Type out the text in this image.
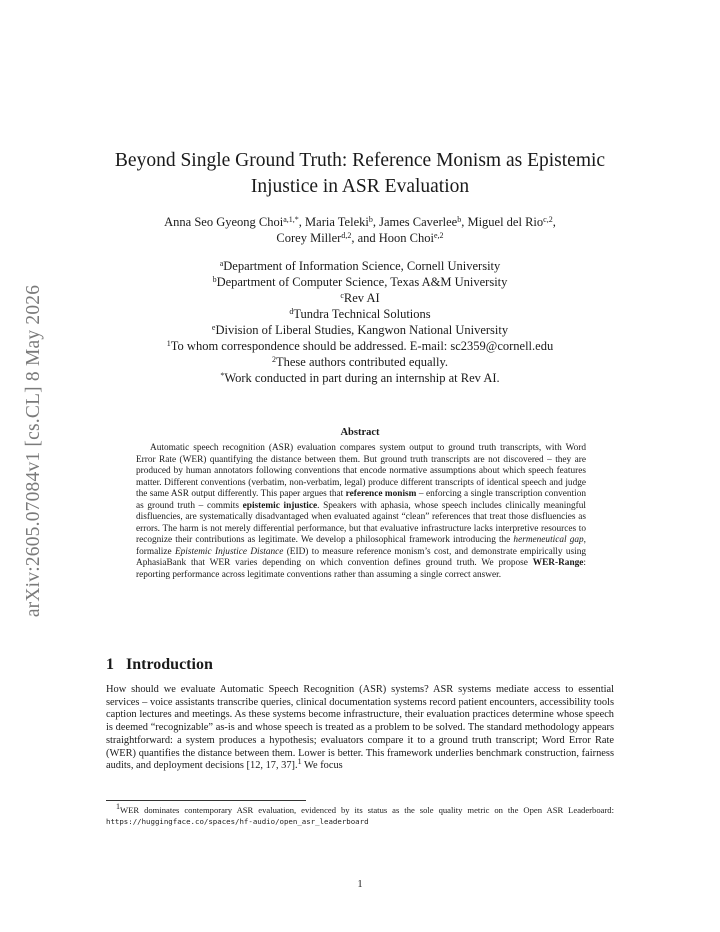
arXiv:2605.07084v1 [cs.CL] 8 May 2026
Beyond Single Ground Truth: Reference Monism as Epistemic
Injustice in ASR Evaluation
Anna Seo Gyeong Choi$^{a,1,*}$, Maria Teleki$^b$, James Caverlee$^b$, Miguel del Rio$^{c,2}$,
Corey Miller$^{d,2}$, and Hoon Choi$^{e,2}$
$^a$Department of Information Science, Cornell University
$^b$Department of Computer Science, Texas A&M University
$^c$Rev AI
$^d$Tundra Technical Solutions
$^e$Division of Liberal Studies, Kangwon National University
$^1$To whom correspondence should be addressed. E-mail: sc2359@cornell.edu
$^2$These authors contributed equally.
*Work conducted in part during an internship at Rev AI.
Abstract

Automatic speech recognition (ASR) evaluation compares system output to ground truth transcripts, with Word Error Rate (WER) quantifying the distance between them. But ground truth transcripts are not discovered – they are produced by human annotators following conventions that encode normative assumptions about which speech features matter. Different conventions (verbatim, non-verbatim, legal) produce different transcripts of identical speech and judge the same ASR output differently. This paper argues that reference monism – enforcing a single transcription convention as ground truth – commits epistemic injustice. Speakers with aphasia, whose speech includes clinically meaningful disfluencies, are systematically disadvantaged when evaluated against “clean” references that treat those disfluencies as errors. The harm is not merely differential performance, but that evaluative infrastructure lacks interpretive resources to recognize their contributions as legitimate. We develop a philosophical framework introducing the hermeneutical gap, formalize Epistemic Injustice Distance (EID) to measure reference monism’s cost, and demonstrate empirically using AphasiaBank that WER varies depending on which convention defines ground truth. We propose WER-Range: reporting performance across legitimate conventions rather than assuming a single correct answer.

1 Introduction

How should we evaluate Automatic Speech Recognition (ASR) systems? ASR systems mediate access to essential services – voice assistants transcribe queries, clinical documentation systems record patient encounters, accessibility tools caption lectures and meetings. As these systems become infrastructure, their evaluation practices determine whose speech is deemed “recognizable” as-is and whose speech is treated as a problem to be solved. The standard methodology appears straightforward: a system produces a hypothesis; evaluators compare it to a ground truth transcript; Word Error Rate (WER) quantifies the distance between them. Lower is better. This framework underlies benchmark construction, fairness audits, and deployment decisions [12, 17, 37].$^1$ We focus

$^1$WER dominates contemporary ASR evaluation, evidenced by its status as the sole quality metric on the Open ASR Leaderboard: https://huggingface.co/spaces/hf-audio/open_asr_leaderboard

1
